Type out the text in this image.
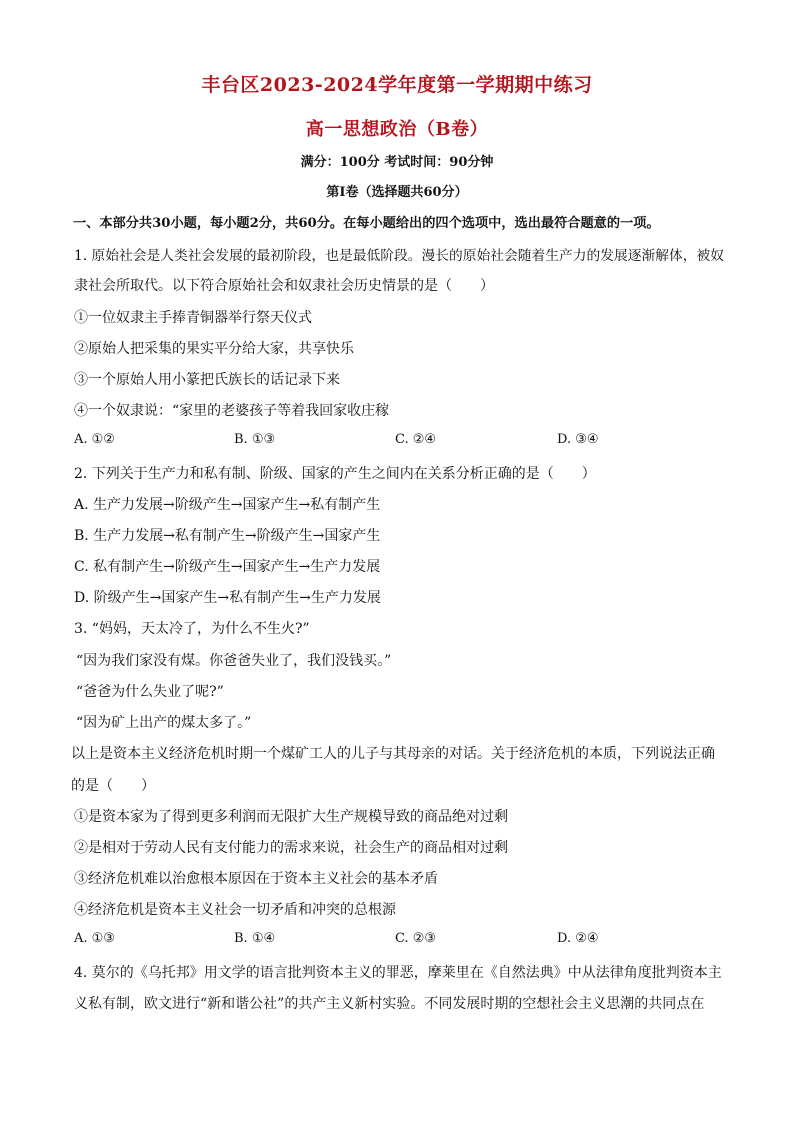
丰台区2023-2024学年度第一学期期中练习
高一思想政治（B卷）
满分：100分 考试时间：90分钟
第I卷（选择题共60分）
一、本部分共30小题，每小题2分，共60分。在每小题给出的四个选项中，选出最符合题意的一项。
1. 原始社会是人类社会发展的最初阶段，也是最低阶段。漫长的原始社会随着生产力的发展逐渐解体，被奴
隶社会所取代。以下符合原始社会和奴隶社会历史情景的是（　　）
①一位奴隶主手捧青铜器举行祭天仪式
②原始人把采集的果实平分给大家，共享快乐
③一个原始人用小篆把氏族长的话记录下来
④一个奴隶说：“家里的老婆孩子等着我回家收庄稼
A. ①②	B. ①③	C. ②④	D. ③④
2. 下列关于生产力和私有制、阶级、国家的产生之间内在关系分析正确的是（　　）
A. 生产力发展→阶级产生→国家产生→私有制产生
B. 生产力发展→私有制产生→阶级产生→国家产生
C. 私有制产生→阶级产生→国家产生→生产力发展
D. 阶级产生→国家产生→私有制产生→生产力发展
3. “妈妈，天太冷了，为什么不生火?”
“因为我们家没有煤。你爸爸失业了，我们没钱买。”
“爸爸为什么失业了呢?”
“因为矿上出产的煤太多了。”
以上是资本主义经济危机时期一个煤矿工人的儿子与其母亲的对话。关于经济危机的本质，下列说法正确
的是（　　）
①是资本家为了得到更多利润而无限扩大生产规模导致的商品绝对过剩
②是相对于劳动人民有支付能力的需求来说，社会生产的商品相对过剩
③经济危机难以治愈根本原因在于资本主义社会的基本矛盾
④经济危机是资本主义社会一切矛盾和冲突的总根源
A. ①③	B. ①④	C. ②③	D. ②④
4. 莫尔的《乌托邦》用文学的语言批判资本主义的罪恶，摩莱里在《自然法典》中从法律角度批判资本主
义私有制，欧文进行“新和谐公社”的共产主义新村实验。不同发展时期的空想社会主义思潮的共同点在
